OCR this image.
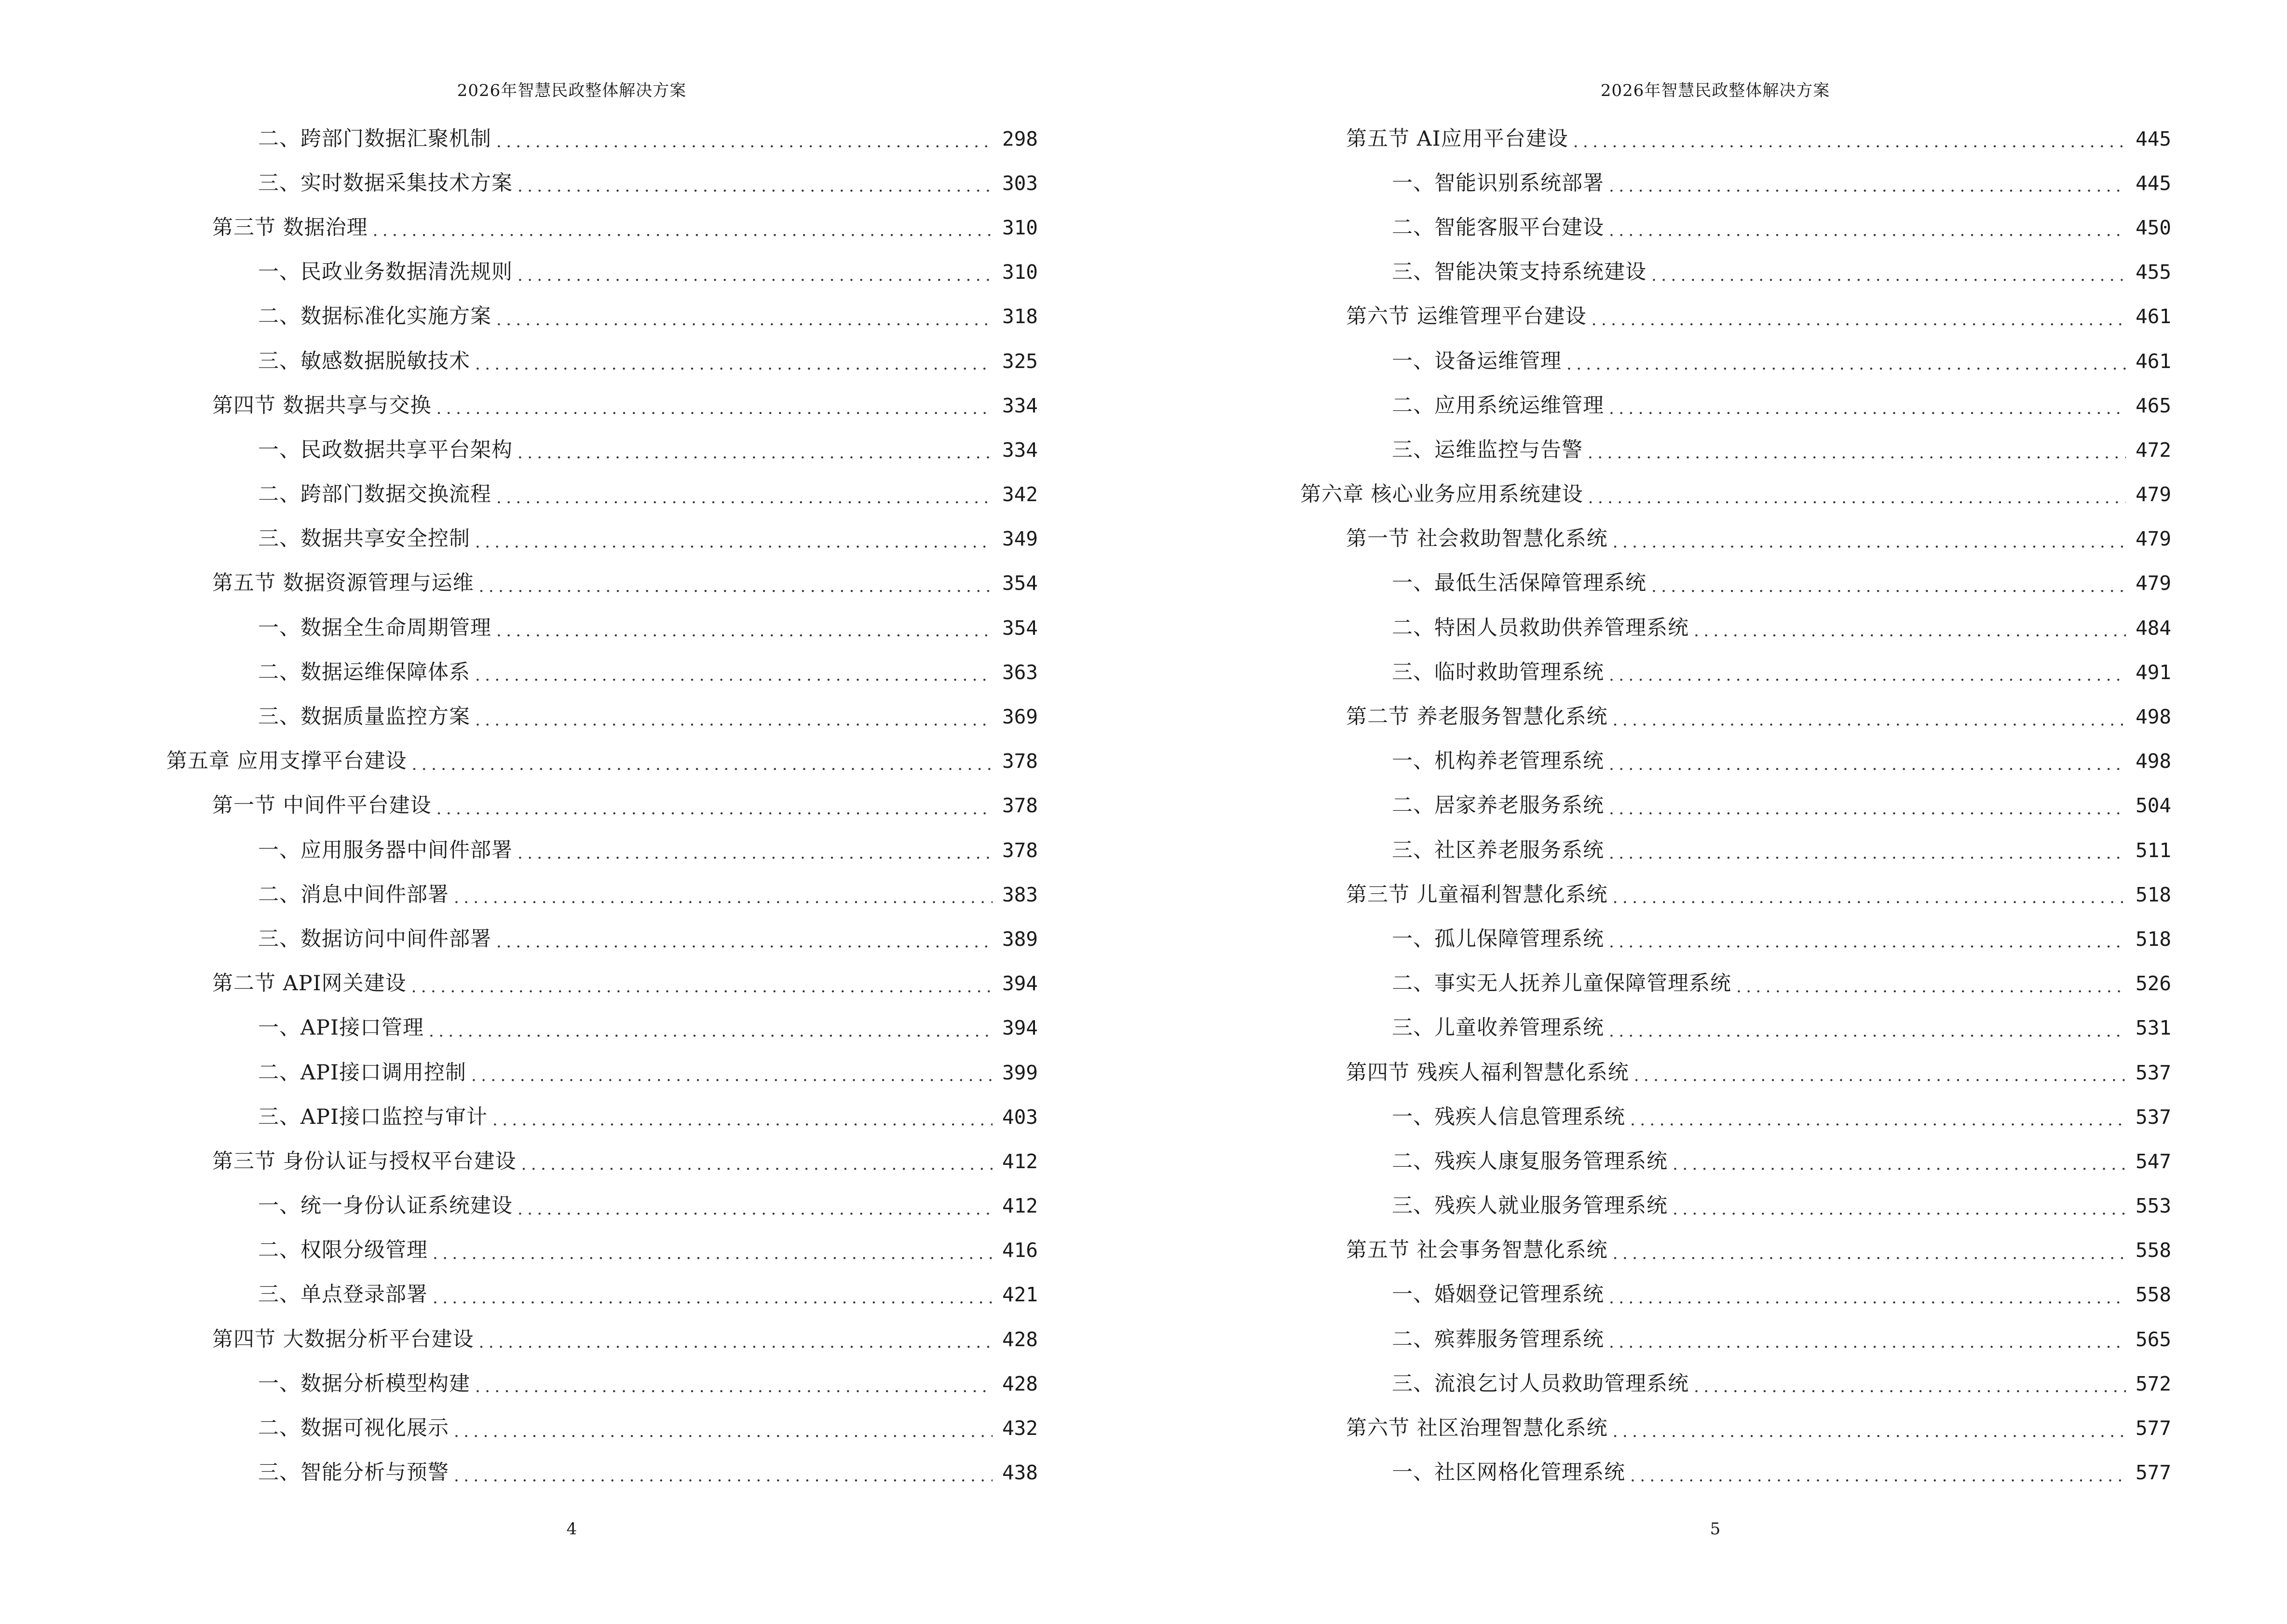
2026年智慧民政整体解决方案
二、跨部门数据汇聚机制 .....	298
三、实时数据采集技术方案 .....	303
第三节 数据治理 .....	310
一、民政业务数据清洗规则 .....	310
二、数据标准化实施方案 .....	318
三、敏感数据脱敏技术 .....	325
第四节 数据共享与交换 .....	334
一、民政数据共享平台架构 .....	334
二、跨部门数据交换流程 .....	342
三、数据共享安全控制 .....	349
第五节 数据资源管理与运维 .....	354
一、数据全生命周期管理 .....	354
二、数据运维保障体系 .....	363
三、数据质量监控方案 .....	369
第五章 应用支撑平台建设 .....	378
第一节 中间件平台建设 .....	378
一、应用服务器中间件部署 .....	378
二、消息中间件部署 .....	383
三、数据访问中间件部署 .....	389
第二节 API网关建设 .....	394
一、API接口管理 .....	394
二、API接口调用控制 .....	399
三、API接口监控与审计 .....	403
第三节 身份认证与授权平台建设 .....	412
一、统一身份认证系统建设 .....	412
二、权限分级管理 .....	416
三、单点登录部署 .....	421
第四节 大数据分析平台建设 .....	428
一、数据分析模型构建 .....	428
二、数据可视化展示 .....	432
三、智能分析与预警 .....	438
4
2026年智慧民政整体解决方案
第五节 AI应用平台建设 .....	445
一、智能识别系统部署 .....	445
二、智能客服平台建设 .....	450
三、智能决策支持系统建设 .....	455
第六节 运维管理平台建设 .....	461
一、设备运维管理 .....	461
二、应用系统运维管理 .....	465
三、运维监控与告警 .....	472
第六章 核心业务应用系统建设 .....	479
第一节 社会救助智慧化系统 .....	479
一、最低生活保障管理系统 .....	479
二、特困人员救助供养管理系统 .....	484
三、临时救助管理系统 .....	491
第二节 养老服务智慧化系统 .....	498
一、机构养老管理系统 .....	498
二、居家养老服务系统 .....	504
三、社区养老服务系统 .....	511
第三节 儿童福利智慧化系统 .....	518
一、孤儿保障管理系统 .....	518
二、事实无人抚养儿童保障管理系统 .....	526
三、儿童收养管理系统 .....	531
第四节 残疾人福利智慧化系统 .....	537
一、残疾人信息管理系统 .....	537
二、残疾人康复服务管理系统 .....	547
三、残疾人就业服务管理系统 .....	553
第五节 社会事务智慧化系统 .....	558
一、婚姻登记管理系统 .....	558
二、殡葬服务管理系统 .....	565
三、流浪乞讨人员救助管理系统 .....	572
第六节 社区治理智慧化系统 .....	577
一、社区网格化管理系统 .....	577
5
